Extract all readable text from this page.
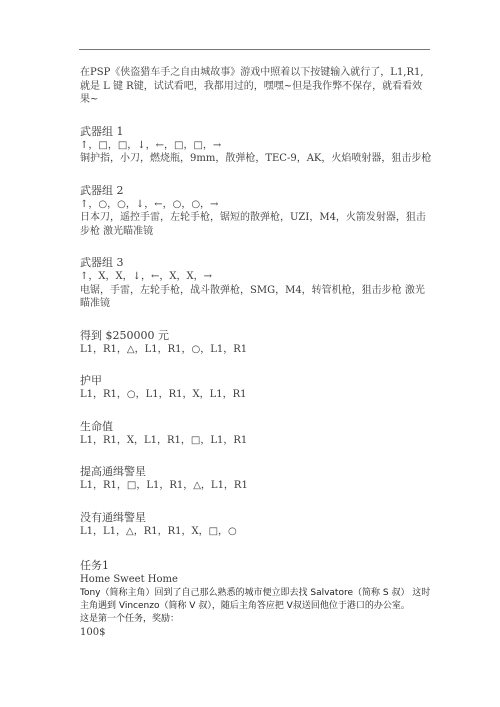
在PSP《侠盗猎车手之自由城故事》游戏中照着以下按键输入就行了，L1,R1,就是 L 键 R键，试试看吧，我都用过的，嘿嘿~但是我作弊不保存，就看看效果~

武器组 1

↑，□，□，↓，←，□，□，→

铜护指，小刀，燃烧瓶，9mm，散弹枪，TEC-9，AK，火焰喷射器，狙击步枪

武器组 2

↑，○，○，↓，←，○，○，→

日本刀，遥控手雷，左轮手枪，锯短的散弹枪，UZI，M4，火箭发射器，狙击步枪 激光瞄准镜

武器组 3

↑，X，X，↓，←，X，X，→

电锯，手雷，左轮手枪，战斗散弹枪，SMG，M4，转管机枪，狙击步枪 激光瞄准镜

得到 $250000 元

L1，R1，△，L1，R1，○，L1，R1

护甲

L1，R1，○，L1，R1，X，L1，R1

生命值

L1，R1，X，L1，R1，□，L1，R1

提高通缉警星

L1，R1，□，L1，R1，△，L1，R1

没有通缉警星

L1，L1，△，R1，R1，X，□，○

任务1

Home Sweet Home

Tony（简称主角）回到了自己那么熟悉的城市便立即去找 Salvatore（简称 S 叔） 这时主角遇到 Vincenzo（简称 V 叔），随后主角答应把 V叔送回他位于港口的办公室。

这是第一个任务，奖励：

100$
